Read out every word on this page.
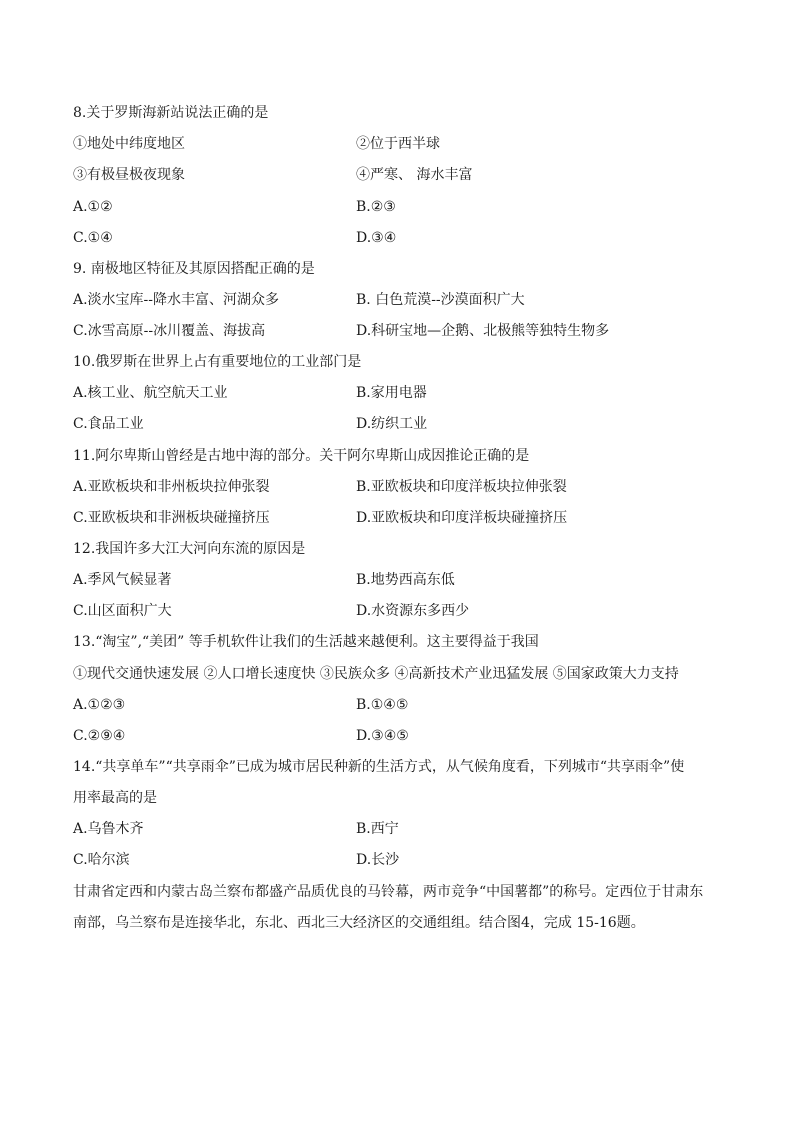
8.关于罗斯海新站说法正确的是
①地处中纬度地区	②位于西半球
③有极昼极夜现象	④严寒、 海水丰富
A.①②	B.②③
C.①④	D.③④
9. 南极地区特征及其原因搭配正确的是
A.淡水宝库--降水丰富、河湖众多	B. 白色荒漠--沙漠面积广大
C.冰雪高原--冰川覆盖、海拔高	D.科研宝地—企鹅、北极熊等独特生物多
10.俄罗斯在世界上占有重要地位的工业部门是
A.核工业、航空航天工业	B.家用电器
C.食品工业	D.纺织工业
11.阿尔卑斯山曾经是古地中海的部分。关干阿尔卑斯山成因推论正确的是
A.亚欧板块和非州板块拉伸张裂	B.亚欧板块和印度洋板块拉伸张裂
C.亚欧板块和非洲板块碰撞挤压	D.亚欧板块和印度洋板块碰撞挤压
12.我国许多大江大河向东流的原因是
A.季风气候显著	B.地势西高东低
C.山区面积广大	D.水资源东多西少
13.“淘宝”,“美团” 等手机软件让我们的生活越来越便利。这主要得益于我国
①现代交通快速发展 ②人口增长速度快 ③民族众多 ④高新技术产业迅猛发展 ⑤国家政策大力支持
A.①②③	B.①④⑤
C.②⑨④	D.③④⑤
14.“共享单车”“共享雨伞”已成为城市居民种新的生活方式，从气候角度看，下列城市“共享雨伞”使
用率最高的是
A.乌鲁木齐	B.西宁
C.哈尔滨	D.长沙
甘肃省定西和内蒙古岛兰察布都盛产品质优良的马铃幕，两市竞争“中国薯都”的称号。定西位于甘肃东
南部，乌兰察布是连接华北，东北、西北三大经济区的交通组组。结合图4，完成 15-16题。
